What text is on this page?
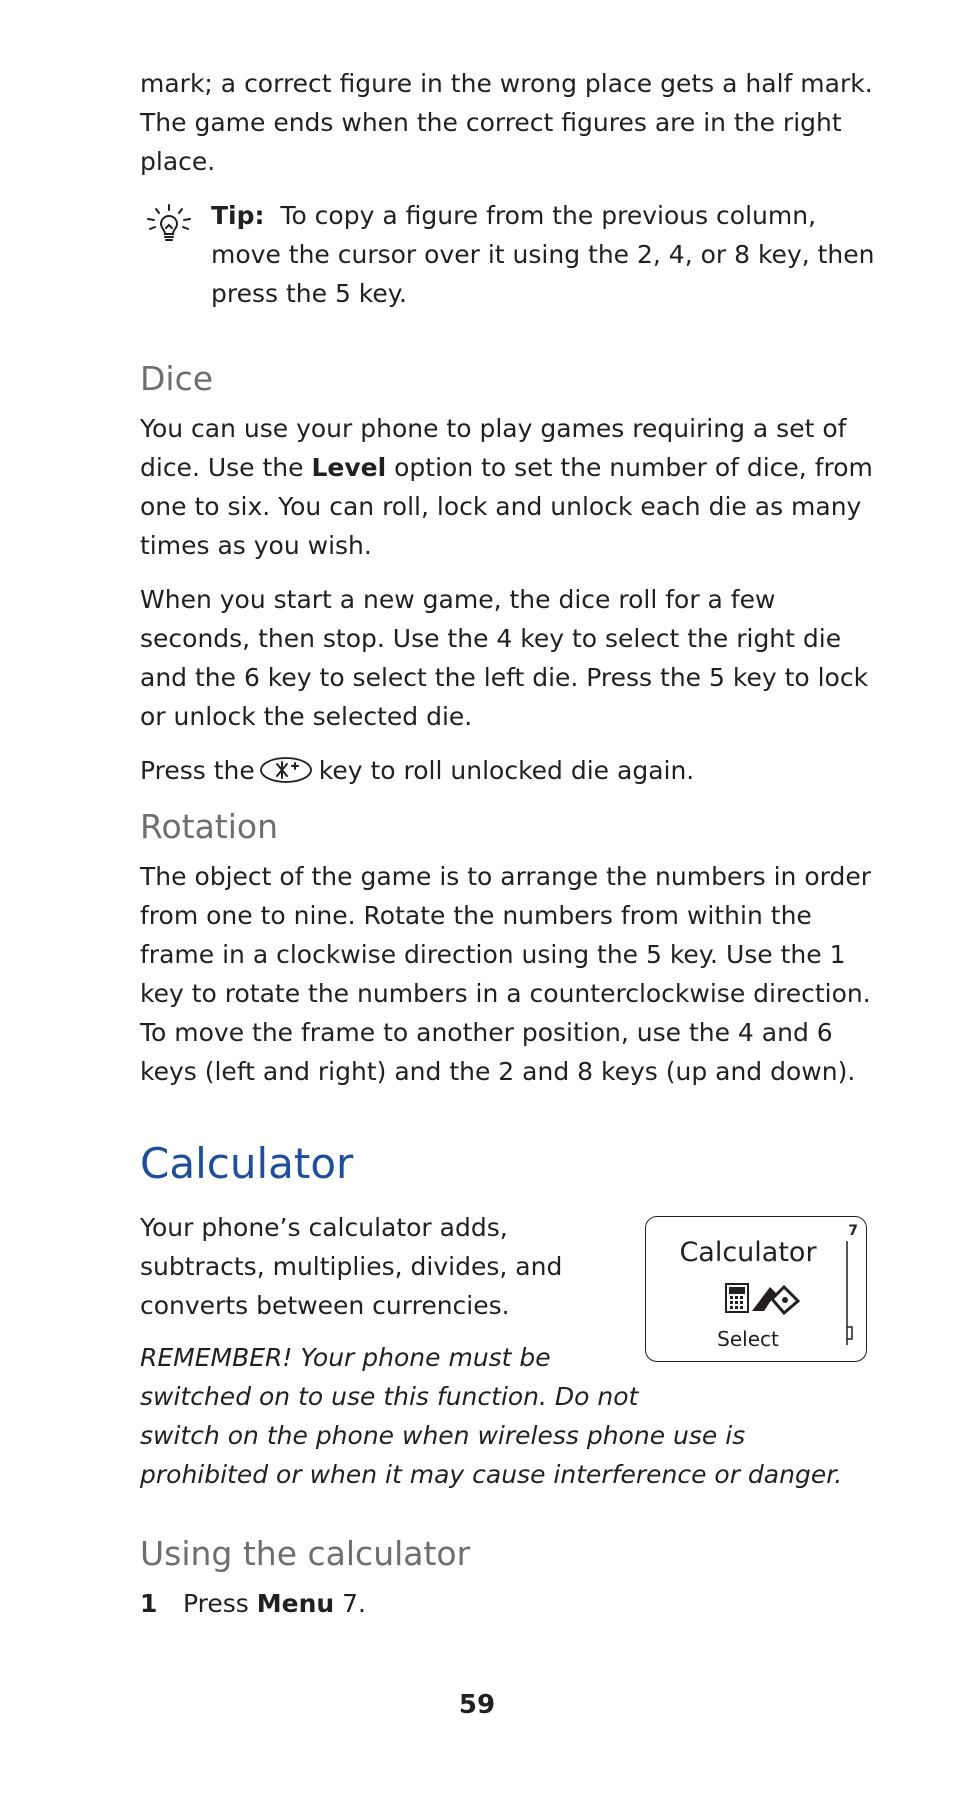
mark; a correct figure in the wrong place gets a half mark.
The game ends when the correct figures are in the right place.

Tip: To copy a figure from the previous column, move the cursor over it using the 2, 4, or 8 key, then press the 5 key.

Dice

You can use your phone to play games requiring a set of dice. Use the Level option to set the number of dice, from one to six. You can roll, lock and unlock each die as many times as you wish.

When you start a new game, the dice roll for a few seconds, then stop. Use the 4 key to select the right die and the 6 key to select the left die. Press the 5 key to lock or unlock the selected die.

Press the	key to roll unlocked die again.

Rotation

The object of the game is to arrange the numbers in order from one to nine. Rotate the numbers from within the frame in a clockwise direction using the 5 key. Use the 1 key to rotate the numbers in a counterclockwise direction. To move the frame to another position, use the 4 and 6 keys (left and right) and the 2 and 8 keys (up and down).

Calculator
7
Calculator
Select

Your phone’s calculator adds,
subtracts, multiplies, divides, and
converts between currencies.

REMEMBER! Your phone must be
switched on to use this function. Do not
switch on the phone when wireless phone use is prohibited or when it may cause interference or danger.

Using the calculator

1 Press Menu 7.

59
